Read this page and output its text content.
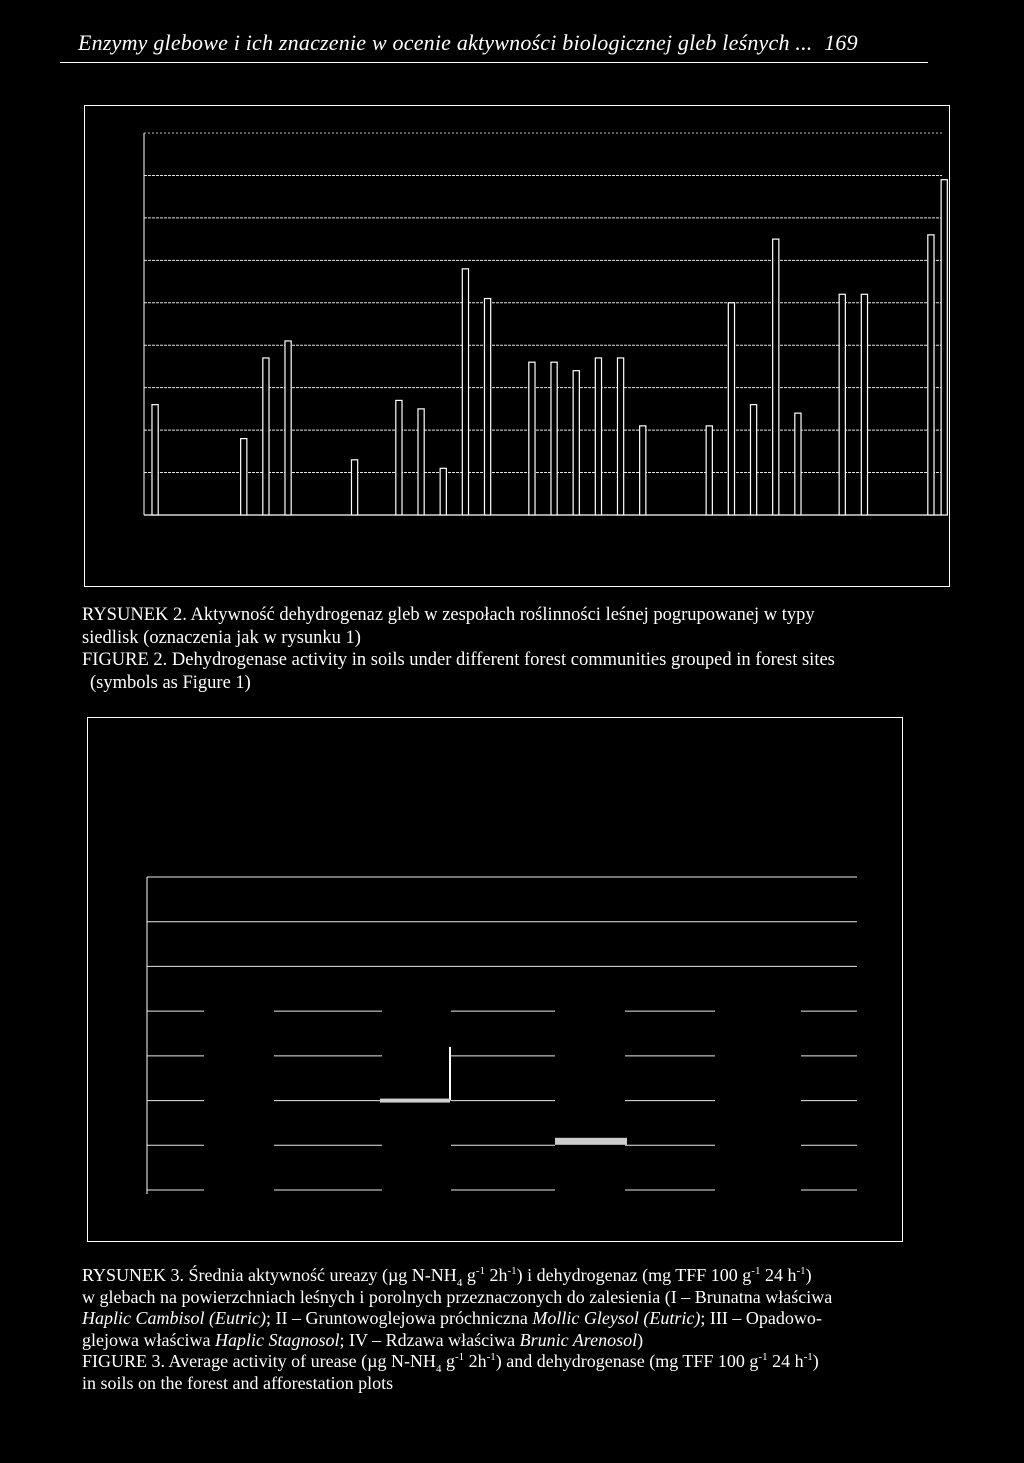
Enzymy glebowe i ich znaczenie w ocenie aktywności biologicznej gleb leśnych ... 169
RYSUNEK 2. Aktywność dehydrogenaz gleb w zespołach roślinności leśnej pogrupowanej w typy
siedlisk (oznaczenia jak w rysunku 1)
FIGURE 2. Dehydrogenase activity in soils under different forest communities grouped in forest sites
(symbols as Figure 1)
RYSUNEK 3. Średnia aktywność ureazy (µg $N-NH_4$ $g^{-1}$ $2h^{-1}$) i dehydrogenaz (mg TFF 100 $g^{-1}$ 24 $h^{-1}$)
w glebach na powierzchniach leśnych i porolnych przeznaczonych do zalesienia (I – Brunatna właściwa
Haplic Cambisol (Eutric); II – Gruntowoglejowa próchniczna Mollic Gleysol (Eutric); III – Opadowo-
glejowa właściwa Haplic Stagnosol; IV – Rdzawa właściwa Brunic Arenosol)
FIGURE 3. Average activity of urease (µg $N-NH_4$ $g^{-1}$ $2h^{-1}$) and dehydrogenase (mg TFF 100 $g^{-1}$ 24 $h^{-1}$)
in soils on the forest and afforestation plots
